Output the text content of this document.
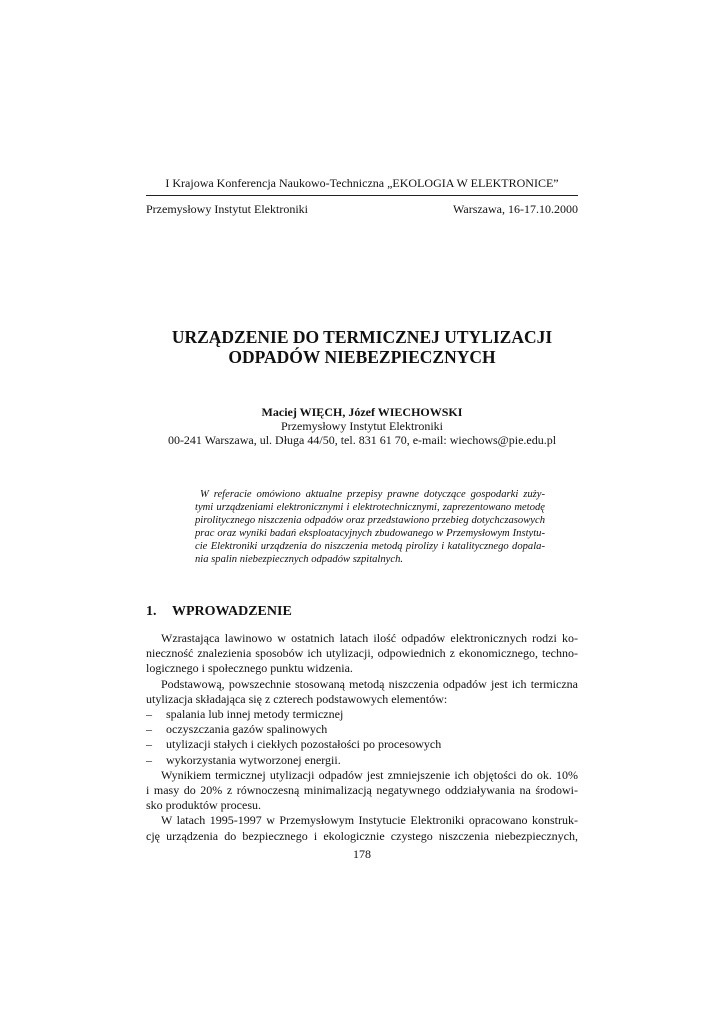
I Krajowa Konferencja Naukowo-Techniczna „EKOLOGIA W ELEKTRONICE”
Przemysłowy Instytut Elektroniki	Warszawa, 16-17.10.2000
URZĄDZENIE DO TERMICZNEJ UTYLIZACJI
ODPADÓW NIEBEZPIECZNYCH
Maciej WIĘCH, Józef WIECHOWSKI
Przemysłowy Instytut Elektroniki
00-241 Warszawa, ul. Długa 44/50, tel. 831 61 70, e-mail: wiechows@pie.edu.pl
W referacie omówiono aktualne przepisy prawne dotyczące gospodarki zuży-
tymi urządzeniami elektronicznymi i elektrotechnicznymi, zaprezentowano metodę
pirolitycznego niszczenia odpadów oraz przedstawiono przebieg dotychczasowych
prac oraz wyniki badań eksploatacyjnych zbudowanego w Przemysłowym Instytu-
cie Elektroniki urządzenia do niszczenia metodą pirolizy i katalitycznego dopala-
nia spalin niebezpiecznych odpadów szpitalnych.
1. WPROWADZENIE
Wzrastająca lawinowo w ostatnich latach ilość odpadów elektronicznych rodzi ko-
nieczność znalezienia sposobów ich utylizacji, odpowiednich z ekonomicznego, techno-
logicznego i społecznego punktu widzenia.
Podstawową, powszechnie stosowaną metodą niszczenia odpadów jest ich termiczna
utylizacja składająca się z czterech podstawowych elementów:
– spalania lub innej metody termicznej
– oczyszczania gazów spalinowych
– utylizacji stałych i ciekłych pozostałości po procesowych
– wykorzystania wytworzonej energii.
Wynikiem termicznej utylizacji odpadów jest zmniejszenie ich objętości do ok. 10%
i masy do 20% z równoczesną minimalizacją negatywnego oddziaływania na środowi-
sko produktów procesu.
W latach 1995-1997 w Przemysłowym Instytucie Elektroniki opracowano konstruk-
cję urządzenia do bezpiecznego i ekologicznie czystego niszczenia niebezpiecznych,
178
